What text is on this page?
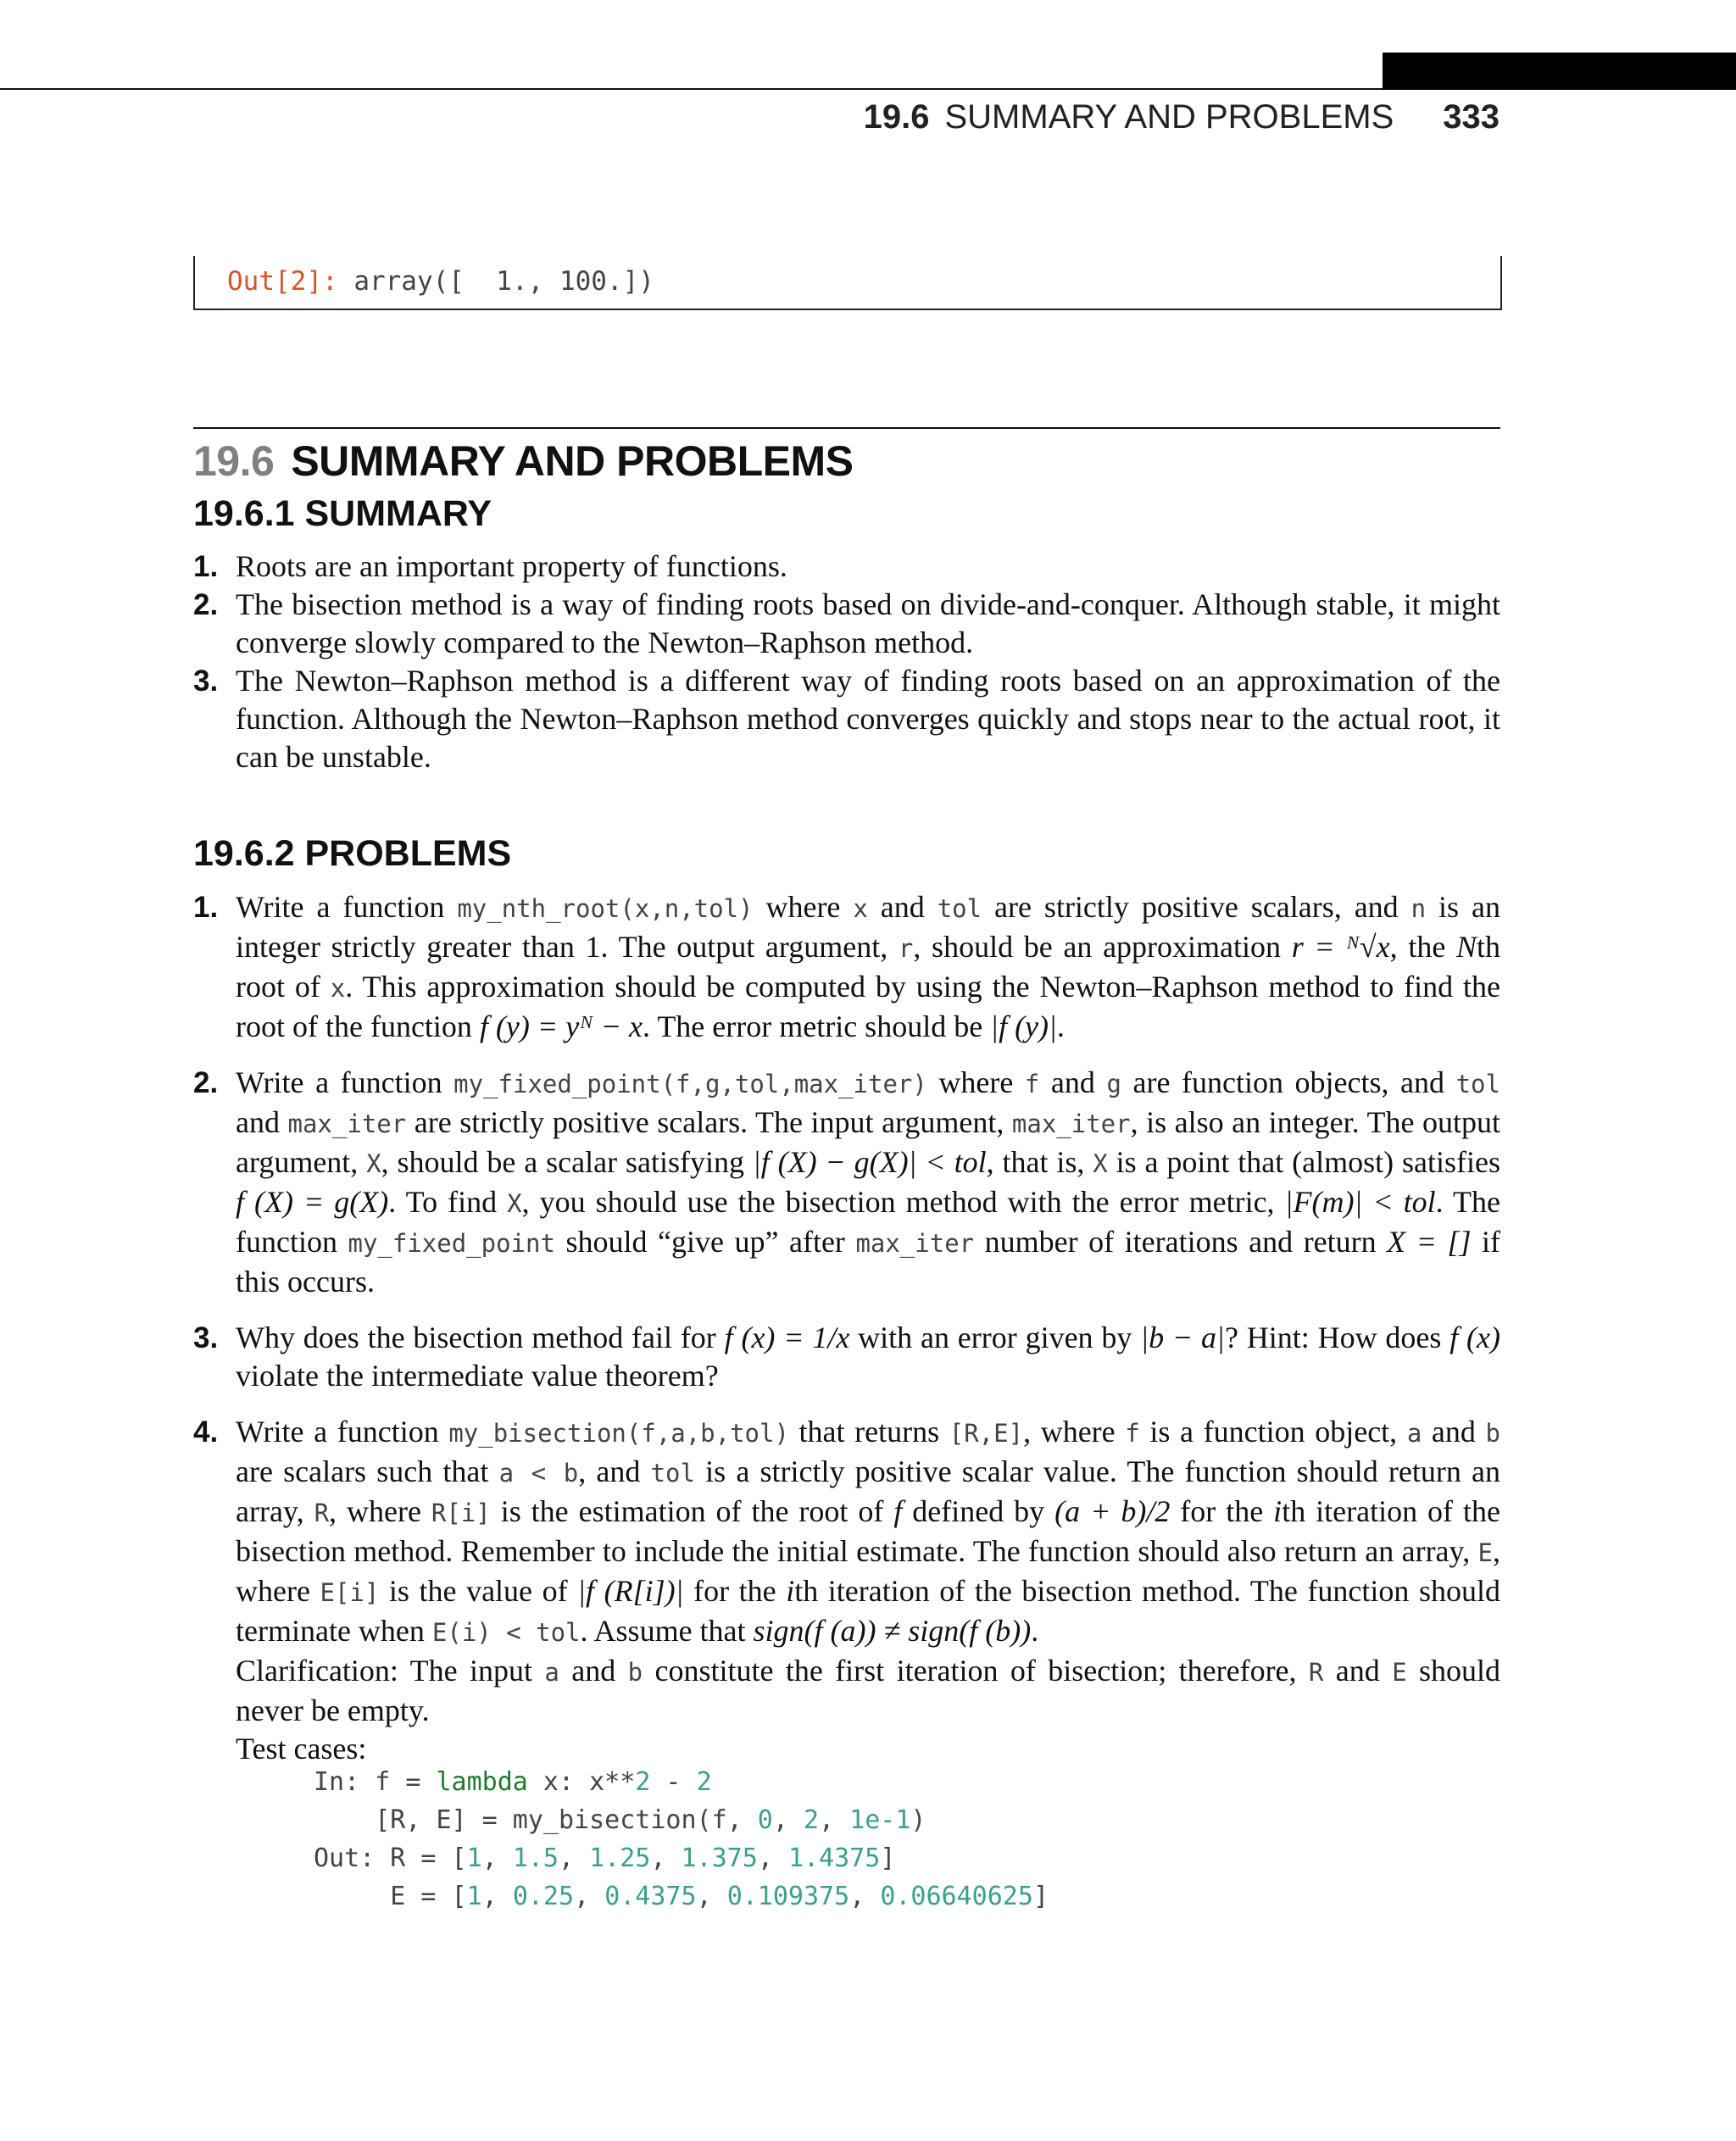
19.6 SUMMARY AND PROBLEMS 333
Out[2]: array([  1., 100.])
19.6 SUMMARY AND PROBLEMS
19.6.1 SUMMARY
1. Roots are an important property of functions.
2. The bisection method is a way of finding roots based on divide-and-conquer. Although stable, it might converge slowly compared to the Newton–Raphson method.
3. The Newton–Raphson method is a different way of finding roots based on an approximation of the function. Although the Newton–Raphson method converges quickly and stops near to the actual root, it can be unstable.
19.6.2 PROBLEMS
1. Write a function my_nth_root(x,n,tol) where x and tol are strictly positive scalars, and n is an integer strictly greater than 1. The output argument, r, should be an approximation r = ᴺ√x, the Nth root of x. This approximation should be computed by using the Newton–Raphson method to find the root of the function f (y) = yᴺ − x. The error metric should be |f (y)|.
2. Write a function my_fixed_point(f,g,tol,max_iter) where f and g are function objects, and tol and max_iter are strictly positive scalars. The input argument, max_iter, is also an integer. The output argument, X, should be a scalar satisfying |f (X) − g(X)| < tol, that is, X is a point that (almost) satisfies f (X) = g(X). To find X, you should use the bisection method with the error metric, |F(m)| < tol. The function my_fixed_point should “give up” after max_iter number of iterations and return X = [] if this occurs.
3. Why does the bisection method fail for f (x) = 1/x with an error given by |b − a|? Hint: How does f (x) violate the intermediate value theorem?
4. Write a function my_bisection(f,a,b,tol) that returns [R,E], where f is a function object, a and b are scalars such that a < b, and tol is a strictly positive scalar value. The function should return an array, R, where R[i] is the estimation of the root of f defined by (a + b)/2 for the ith iteration of the bisection method. Remember to include the initial estimate. The function should also return an array, E, where E[i] is the value of |f (R[i])| for the ith iteration of the bisection method. The function should terminate when E(i) < tol. Assume that sign(f (a)) ≠ sign(f (b)).
Clarification: The input a and b constitute the first iteration of bisection; therefore, R and E should never be empty.
Test cases:
In: f = lambda x: x**2 - 2
[R, E] = my_bisection(f, 0, 2, 1e-1)
Out: R = [1, 1.5, 1.25, 1.375, 1.4375]
E = [1, 0.25, 0.4375, 0.109375, 0.06640625]
